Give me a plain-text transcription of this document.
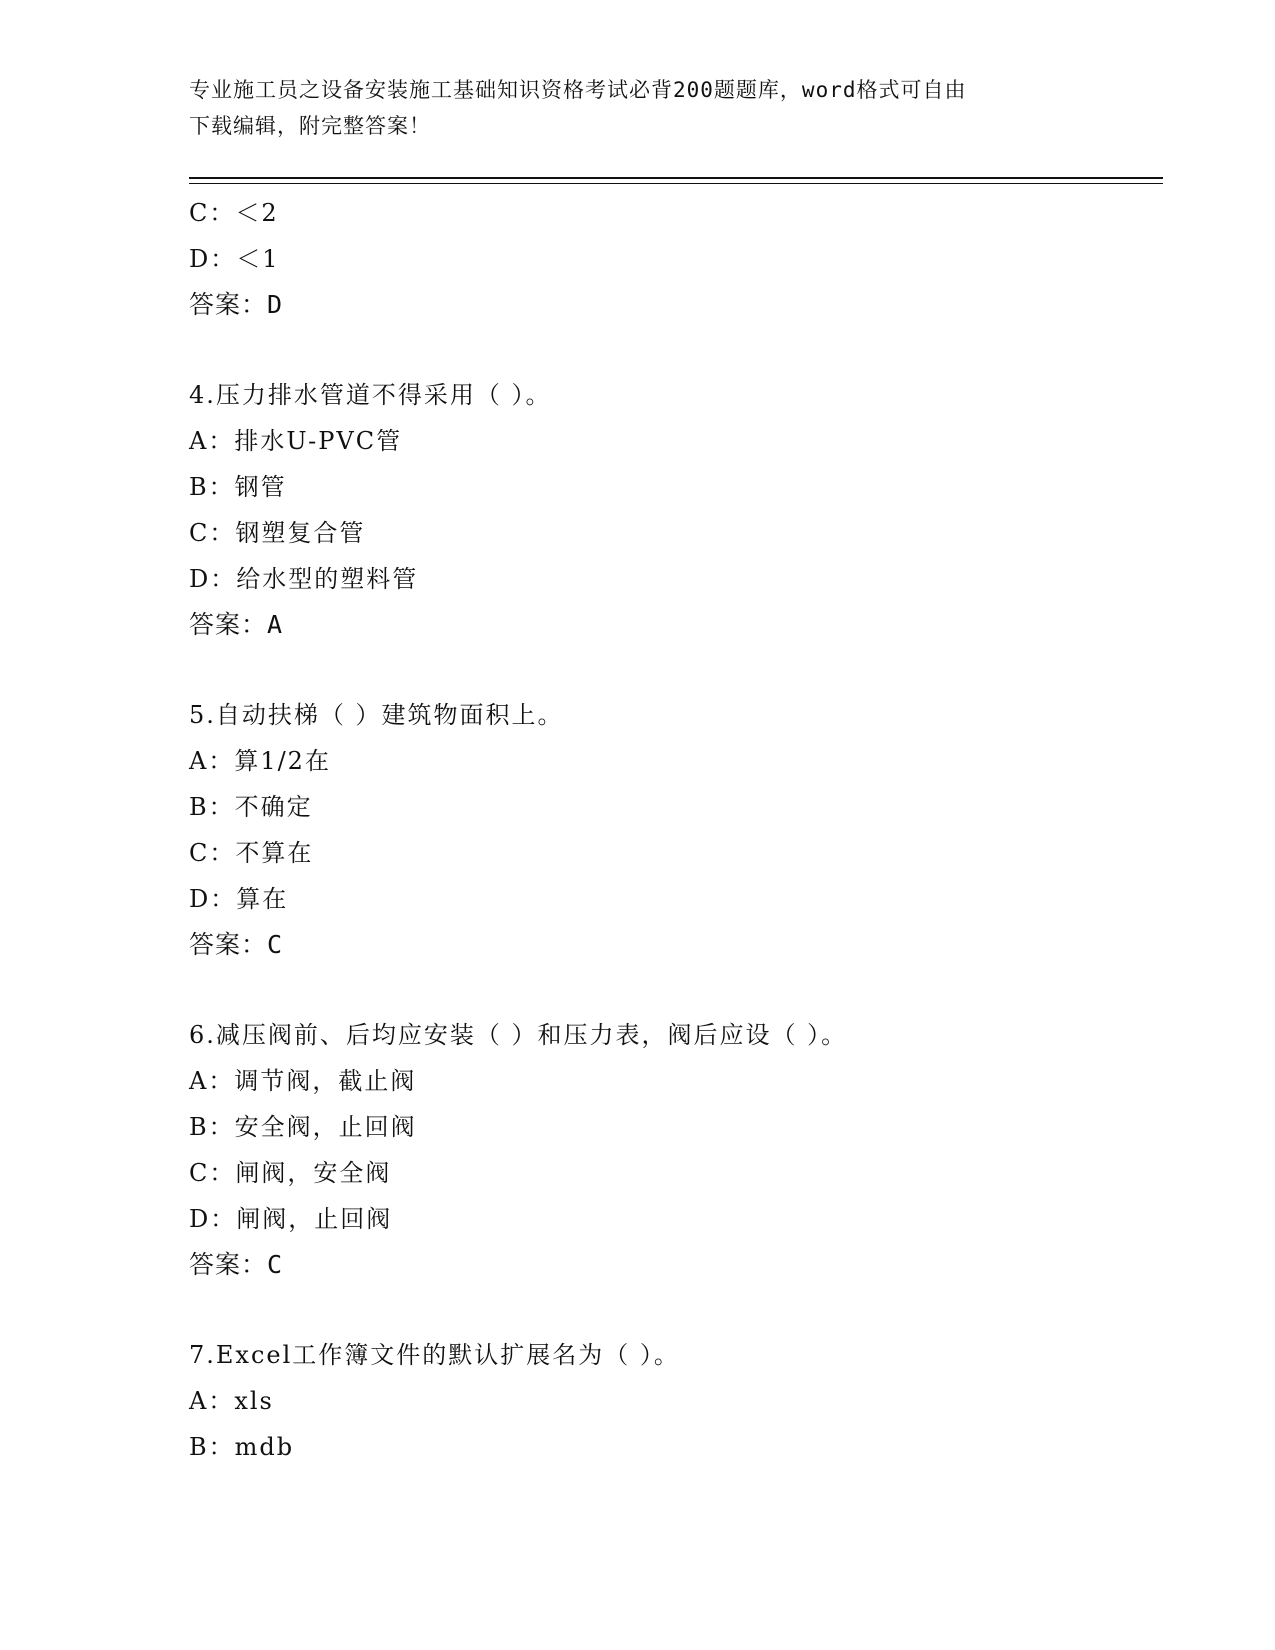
专业施工员之设备安装施工基础知识资格考试必背200题题库，word格式可自由
下载编辑，附完整答案！
C：＜2
D：＜1
答案：D
4.压力排水管道不得采用（ ）。
A：排水U-PVC管
B：钢管
C：钢塑复合管
D：给水型的塑料管
答案：A
5.自动扶梯（ ）建筑物面积上。
A：算1/2在
B：不确定
C：不算在
D：算在
答案：C
6.减压阀前、后均应安装（ ）和压力表，阀后应设（ ）。
A：调节阀，截止阀
B：安全阀，止回阀
C：闸阀，安全阀
D：闸阀，止回阀
答案：C
7.Excel工作簿文件的默认扩展名为（ ）。
A：xls
B：mdb
